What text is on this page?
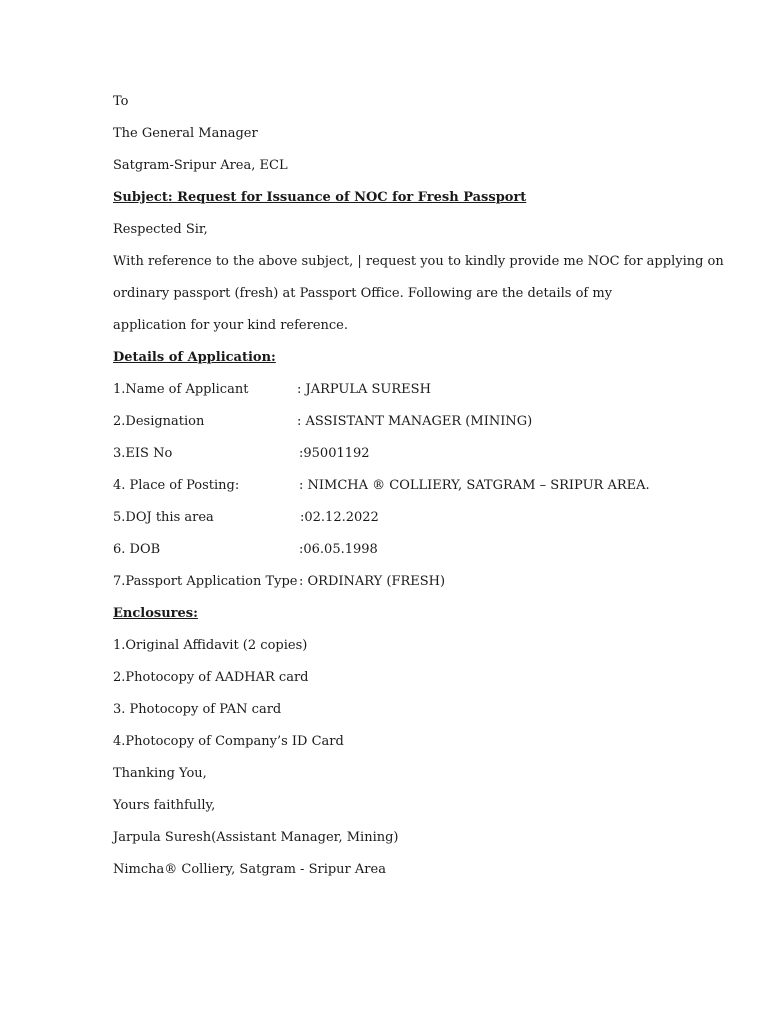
To
The General Manager
Satgram-Sripur Area, ECL
Subject: Request for Issuance of NOC for Fresh Passport
Respected Sir,
With reference to the above subject, | request you to kindly provide me NOC for applying on
ordinary passport (fresh) at Passport Office. Following are the details of my
application for your kind reference.
Details of Application:
1.Name of Applicant	: JARPULA SURESH
2.Designation	: ASSISTANT MANAGER (MINING)
3.EIS No	:95001192
4. Place of Posting:	: NIMCHA ® COLLIERY, SATGRAM – SRIPUR AREA.
5.DOJ this area	:02.12.2022
6. DOB	:06.05.1998
7.Passport Application Type : ORDINARY (FRESH)
Enclosures:
1.Original Affidavit (2 copies)
2.Photocopy of AADHAR card
3. Photocopy of PAN card
4.Photocopy of Company’s ID Card
Thanking You,
Yours faithfully,
Jarpula Suresh(Assistant Manager, Mining)
Nimcha® Colliery, Satgram - Sripur Area
